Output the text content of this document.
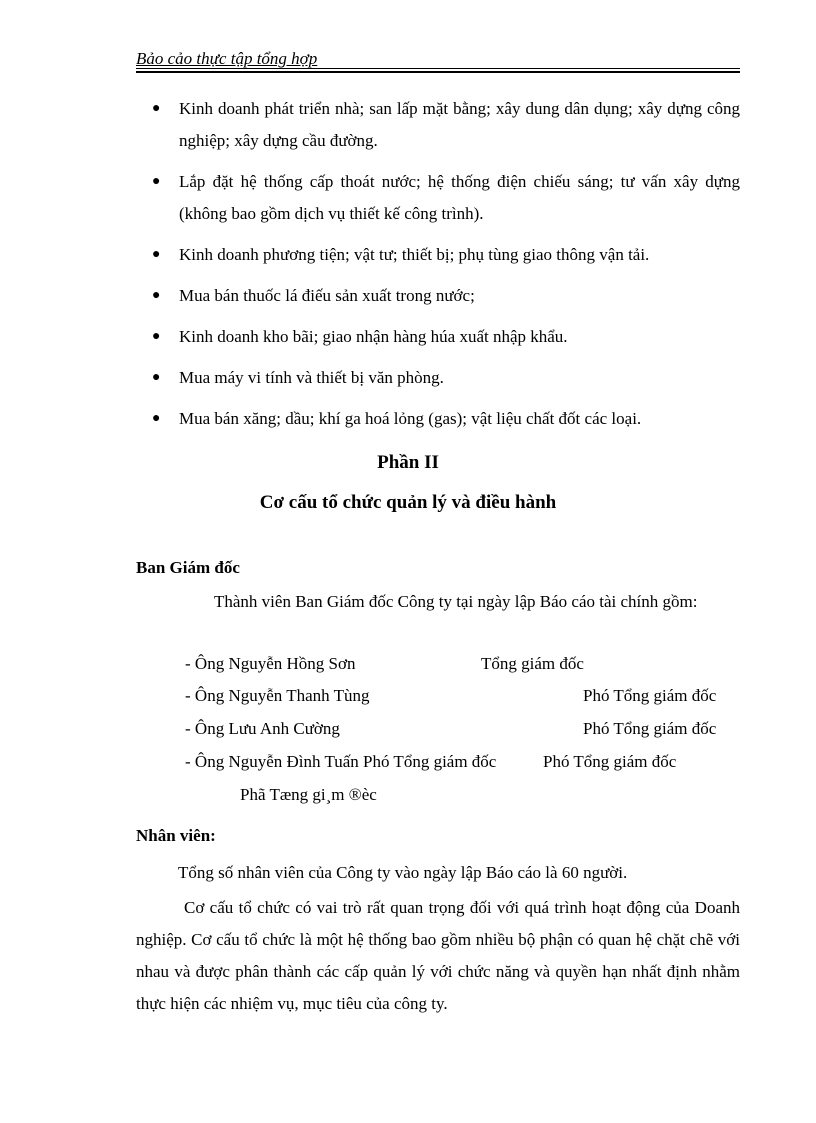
Bảo cảo thực tập tổng hợp
● Kinh doanh phát triển nhà; san lấp mặt bằng; xây dung dân dụng; xây dựng công nghiệp; xây dựng cầu đường.
● Lắp đặt hệ thống cấp thoát nước; hệ thống điện chiếu sáng; tư vấn xây dựng (không bao gồm dịch vụ thiết kế công trình).
● Kinh doanh phương tiện; vật tư; thiết bị; phụ tùng giao thông vận tải.
● Mua bán thuốc lá điếu sản xuất trong nước;
● Kinh doanh kho bãi; giao nhận hàng húa xuất nhập khẩu.
● Mua máy vi tính và thiết bị văn phòng.
● Mua bán xăng; dầu; khí ga hoá lỏng (gas); vật liệu chất đốt các loại.
Phần II
Cơ cấu tổ chức quản lý và điều hành
Ban Giám đốc
Thành viên Ban Giám đốc Công ty tại ngày lập Báo cáo tài chính gồm:
- Ông Nguyễn Hồng Sơn	Tổng giám đốc
- Ông Nguyễn Thanh Tùng	Phó Tổng giám đốc
- Ông Lưu Anh Cường	Phó Tổng giám đốc
- Ông Nguyễn Đình Tuấn Phó Tổng giám đốc	Phó Tổng giám đốc
Phã Tæng gi¸m ®èc
Nhân viên:
Tổng số nhân viên của Công ty vào ngày lập Báo cáo là 60 người.
Cơ cấu tổ chức có vai trò rất quan trọng đối với quá trình hoạt động của Doanh nghiệp. Cơ cấu tổ chức là một hệ thống bao gồm nhiều bộ phận có quan hệ chặt chẽ với nhau và được phân thành các cấp quản lý với chức năng và quyền hạn nhất định nhằm thực hiện các nhiệm vụ, mục tiêu của công ty.
